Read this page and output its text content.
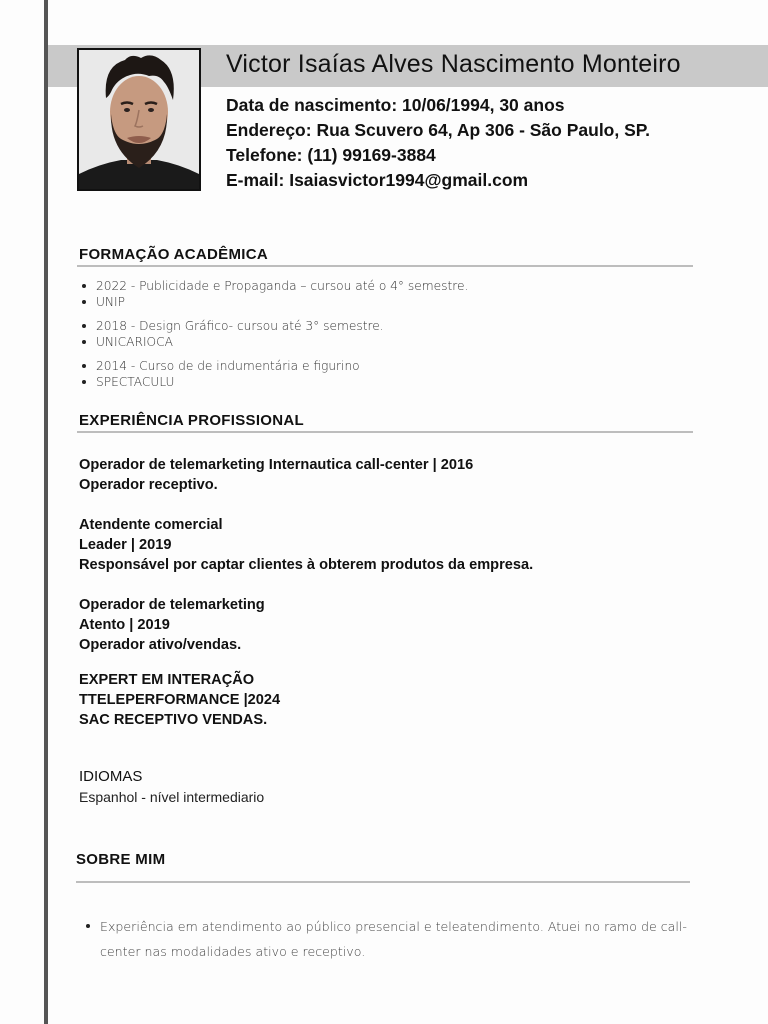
Victor Isaías Alves Nascimento Monteiro
Data de nascimento: 10/06/1994, 30 anos
Endereço: Rua Scuvero 64, Ap 306 - São Paulo, SP.
Telefone: (11) 99169-3884
E-mail: Isaiasvictor1994@gmail.com
FORMAÇÃO ACADÊMICA
2022 - Publicidade e Propaganda – cursou até o 4° semestre.
UNIP
2018 - Design Gráfico- cursou até 3° semestre.
UNICARIOCA
2014 - Curso de de indumentária e figurino
SPECTACULU
EXPERIÊNCIA PROFISSIONAL
Operador de telemarketing Internautica call-center | 2016
Operador receptivo.
Atendente comercial
Leader | 2019
Responsável por captar clientes à obterem produtos da empresa.
Operador de telemarketing
Atento | 2019
Operador ativo/vendas.
EXPERT EM INTERAÇÃO
TTELEPERFORMANCE |2024
SAC RECEPTIVO VENDAS.
IDIOMAS
Espanhol - nível intermediario
SOBRE MIM
Experiência em atendimento ao público presencial e teleatendimento. Atuei no ramo de call-center nas modalidades ativo e receptivo.
